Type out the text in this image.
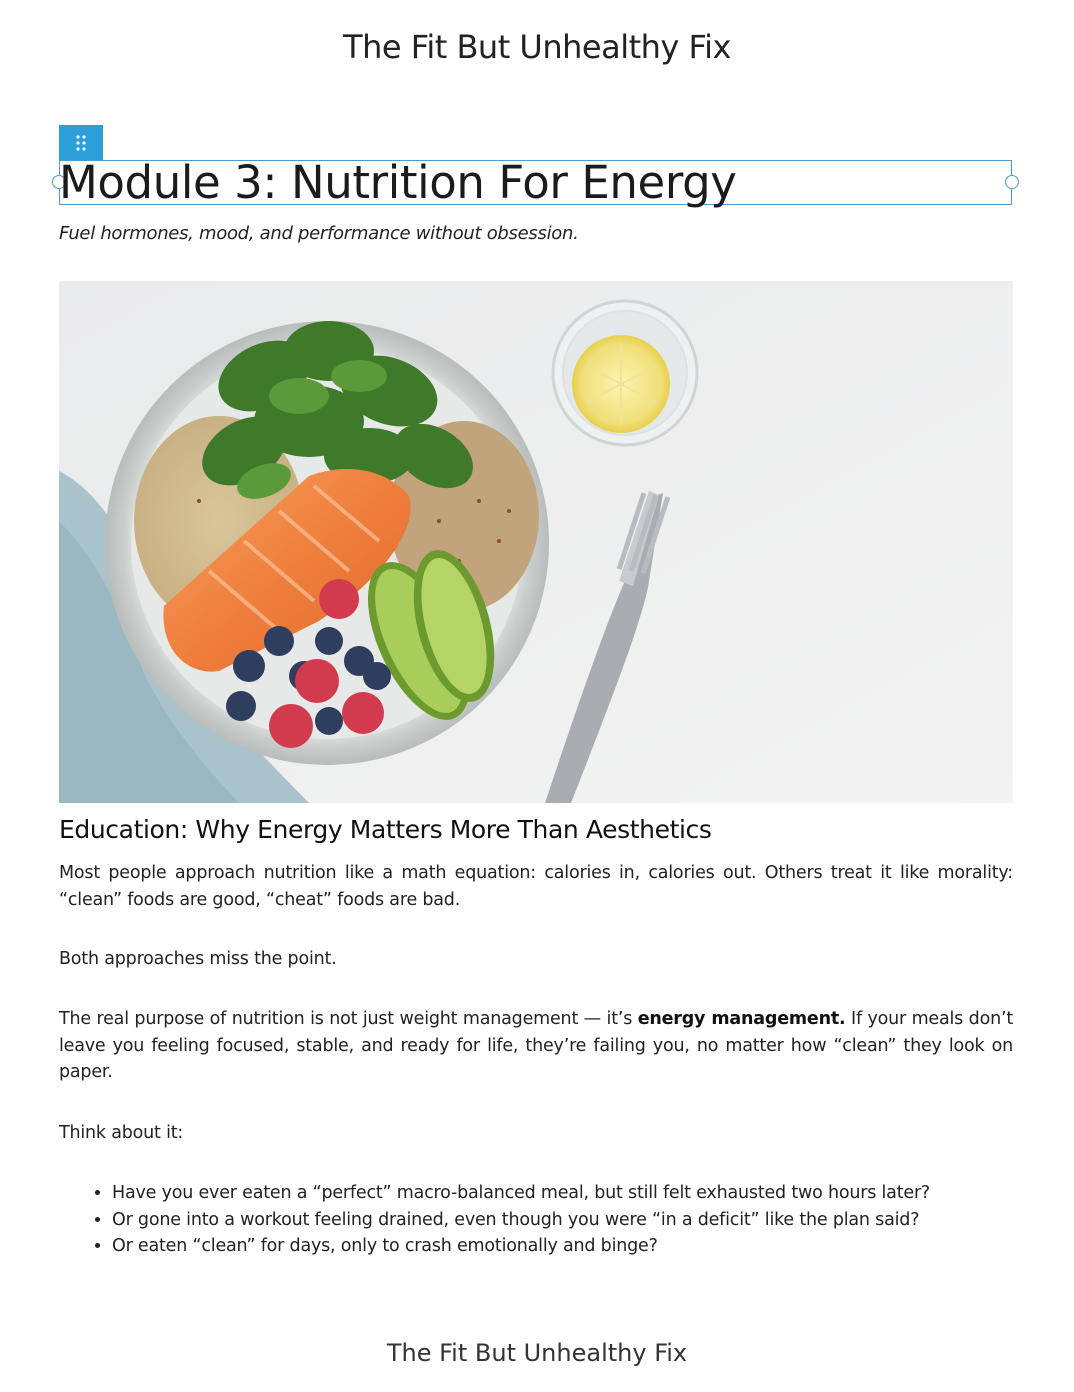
The Fit But Unhealthy Fix
Module 3: Nutrition For Energy

Fuel hormones, mood, and performance without obsession.

Education: Why Energy Matters More Than Aesthetics

Most people approach nutrition like a math equation: calories in, calories out. Others treat it like morality: “clean” foods are good, “cheat” foods are bad.

Both approaches miss the point.

The real purpose of nutrition is not just weight management — it’s energy management. If your meals don’t leave you feeling focused, stable, and ready for life, they’re failing you, no matter how “clean” they look on paper.

Think about it:

• Have you ever eaten a “perfect” macro-balanced meal, but still felt exhausted two hours later?
• Or gone into a workout feeling drained, even though you were “in a deficit” like the plan said?
• Or eaten “clean” for days, only to crash emotionally and binge?
The Fit But Unhealthy Fix
